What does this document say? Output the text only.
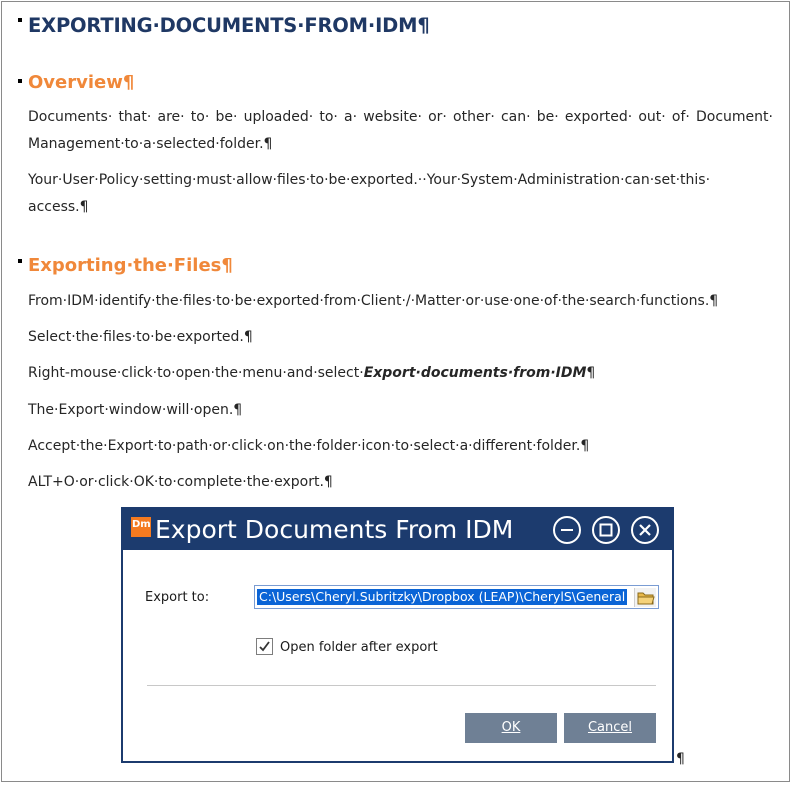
EXPORTING·DOCUMENTS·FROM·IDM¶
Overview¶

Documents· that· are· to· be· uploaded· to· a· website· or· other· can· be· exported· out· of· Document· Management·to·a·selected·folder.¶

Your·User·Policy·setting·must·allow·files·to·be·exported.··Your·System·Administration·can·set·this· access.¶

Exporting·the·Files¶

From·IDM·identify·the·files·to·be·exported·from·Client·/·Matter·or·use·one·of·the·search·functions.¶

Select·the·files·to·be·exported.¶

Right-mouse·click·to·open·the·menu·and·select·Export·documents·from·IDM¶

The·Export·window·will·open.¶

Accept·the·Export·to·path·or·click·on·the·folder·icon·to·select·a·different·folder.¶

ALT+O·or·click·OK·to·complete·the·export.¶

Dm Export Documents From IDM
Export to:	C:\Users\Cheryl.Subritzky\Dropbox (LEAP)\CherylS\General
Open folder after export
OK	Cancel
¶
